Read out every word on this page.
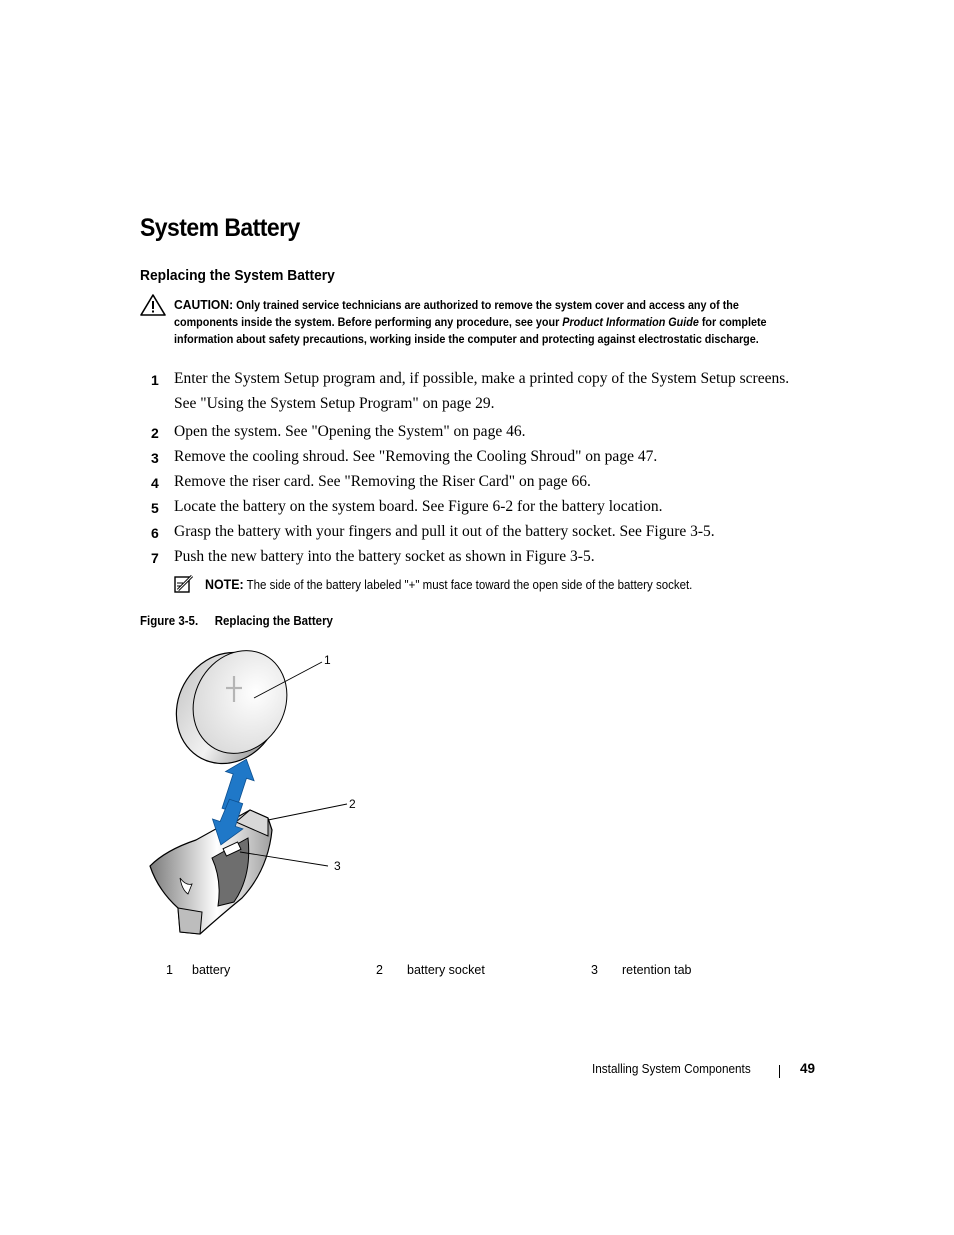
System Battery
Replacing the System Battery
CAUTION: Only trained service technicians are authorized to remove the system cover and access any of the components inside the system. Before performing any procedure, see your Product Information Guide for complete information about safety precautions, working inside the computer and protecting against electrostatic discharge.
1 Enter the System Setup program and, if possible, make a printed copy of the System Setup screens.
See "Using the System Setup Program" on page 29.
2 Open the system. See "Opening the System" on page 46.
3 Remove the cooling shroud. See "Removing the Cooling Shroud" on page 47.
4 Remove the riser card. See "Removing the Riser Card" on page 66.
5 Locate the battery on the system board. See Figure 6-2 for the battery location.
6 Grasp the battery with your fingers and pull it out of the battery socket. See Figure 3-5.
7 Push the new battery into the battery socket as shown in Figure 3-5.
NOTE: The side of the battery labeled "+" must face toward the open side of the battery socket.
Figure 3-5. Replacing the Battery
1
2
3
1 battery	2 battery socket	3 retention tab
Installing System Components	49
